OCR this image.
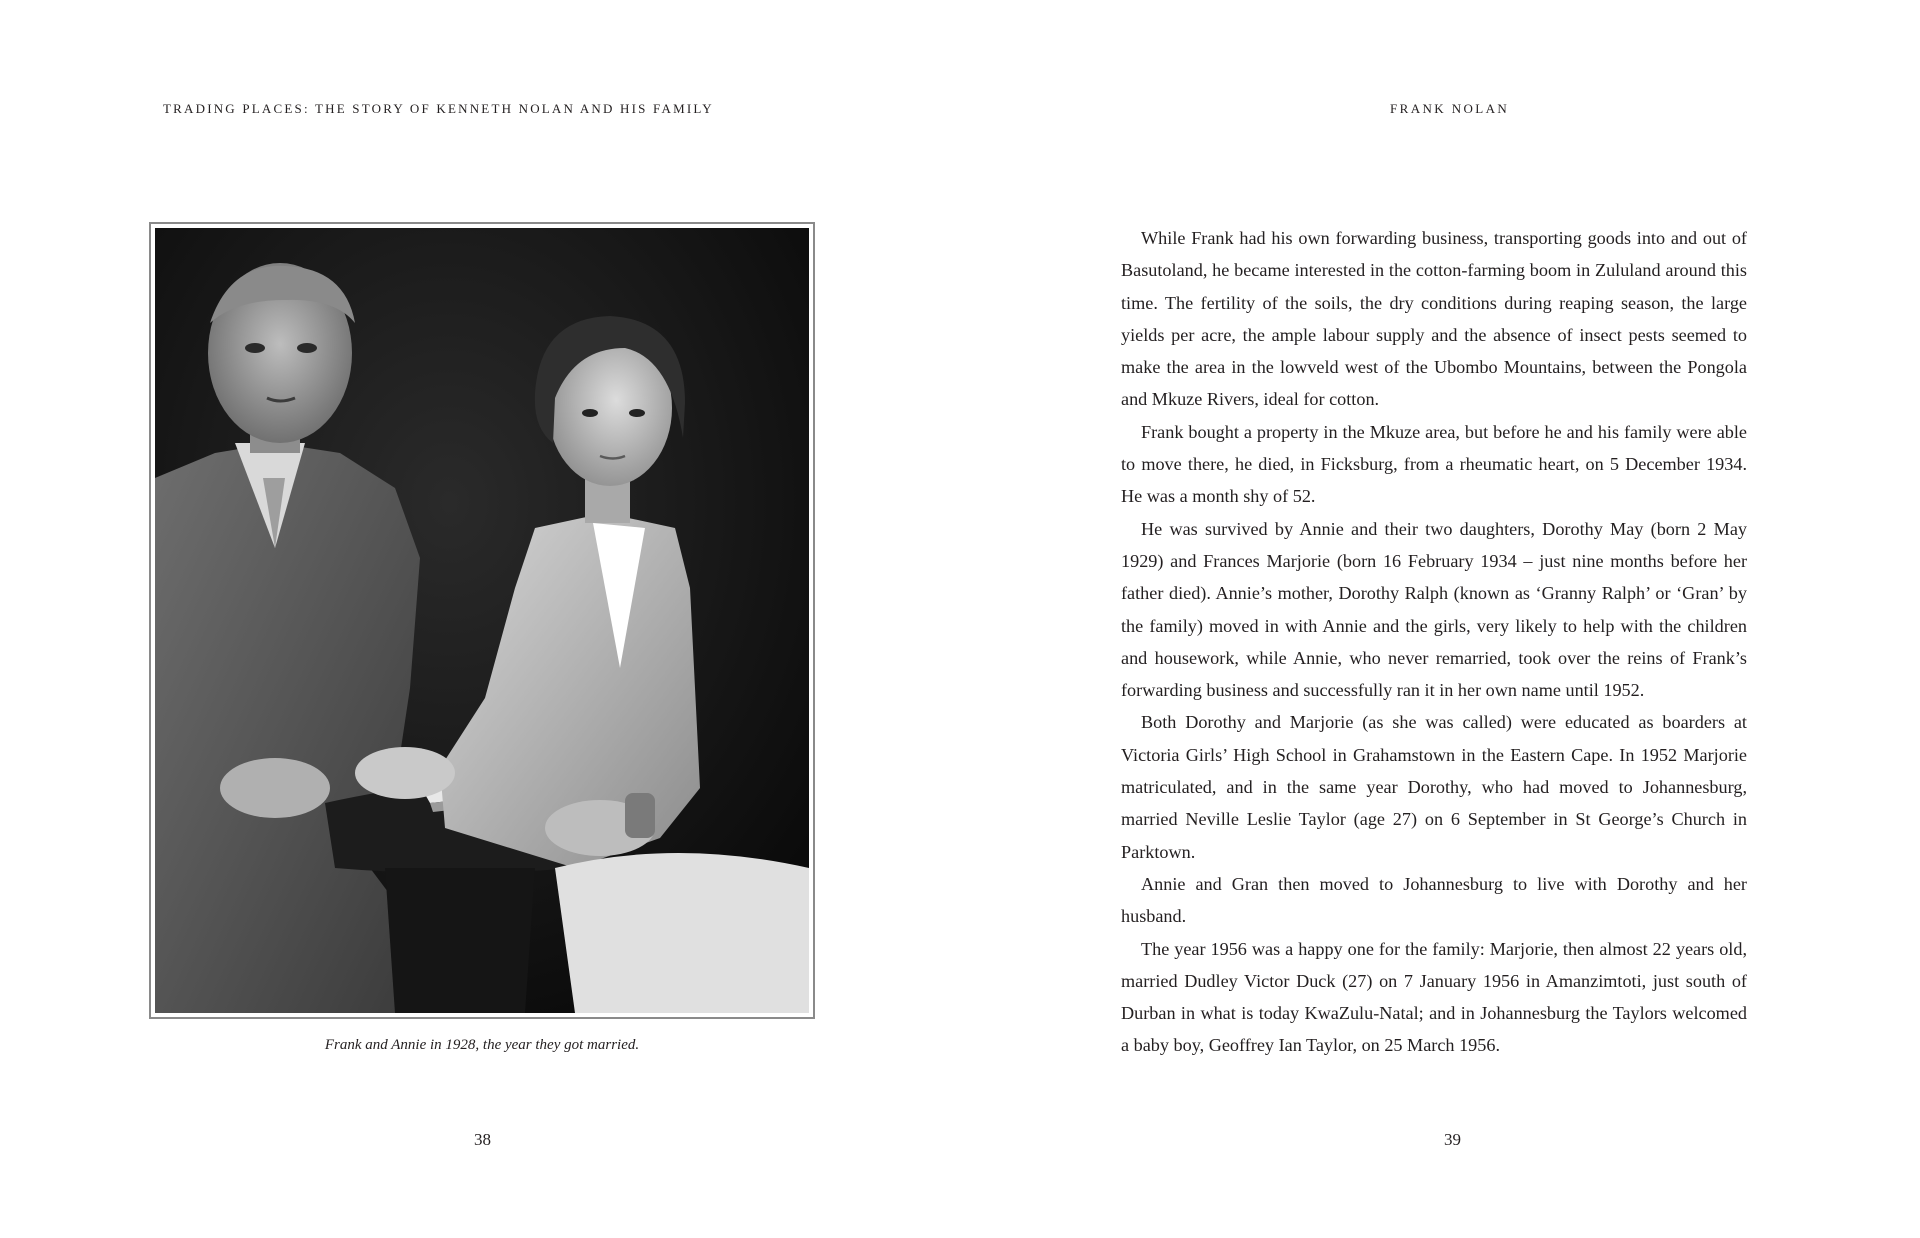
TRADING PLACES: THE STORY OF KENNETH NOLAN AND HIS FAMILY
Frank and Annie in 1928, the year they got married.
38
FRANK NOLAN

While Frank had his own forwarding business, transporting goods into and out of Basutoland, he became interested in the cotton-farming boom in Zululand around this time. The fertility of the soils, the dry conditions during reaping season, the large yields per acre, the ample labour supply and the absence of insect pests seemed to make the area in the lowveld west of the Ubombo Mountains, between the Pongola and Mkuze Rivers, ideal for cotton.

Frank bought a property in the Mkuze area, but before he and his family were able to move there, he died, in Ficksburg, from a rheumatic heart, on 5 December 1934. He was a month shy of 52.

He was survived by Annie and their two daughters, Dorothy May (born 2 May 1929) and Frances Marjorie (born 16 February 1934 – just nine months before her father died). Annie’s mother, Dorothy Ralph (known as ‘Granny Ralph’ or ‘Gran’ by the family) moved in with Annie and the girls, very likely to help with the children and housework, while Annie, who never remarried, took over the reins of Frank’s forwarding business and successfully ran it in her own name until 1952.

Both Dorothy and Marjorie (as she was called) were educated as boarders at Victoria Girls’ High School in Grahamstown in the Eastern Cape. In 1952 Marjorie matriculated, and in the same year Dorothy, who had moved to Johannesburg, married Neville Leslie Taylor (age 27) on 6 September in St George’s Church in Parktown.

Annie and Gran then moved to Johannesburg to live with Dorothy and her husband.

The year 1956 was a happy one for the family: Marjorie, then almost 22 years old, married Dudley Victor Duck (27) on 7 January 1956 in Amanzimtoti, just south of Durban in what is today KwaZulu-Natal; and in Johannesburg the Taylors welcomed a baby boy, Geoffrey Ian Taylor, on 25 March 1956.

39
